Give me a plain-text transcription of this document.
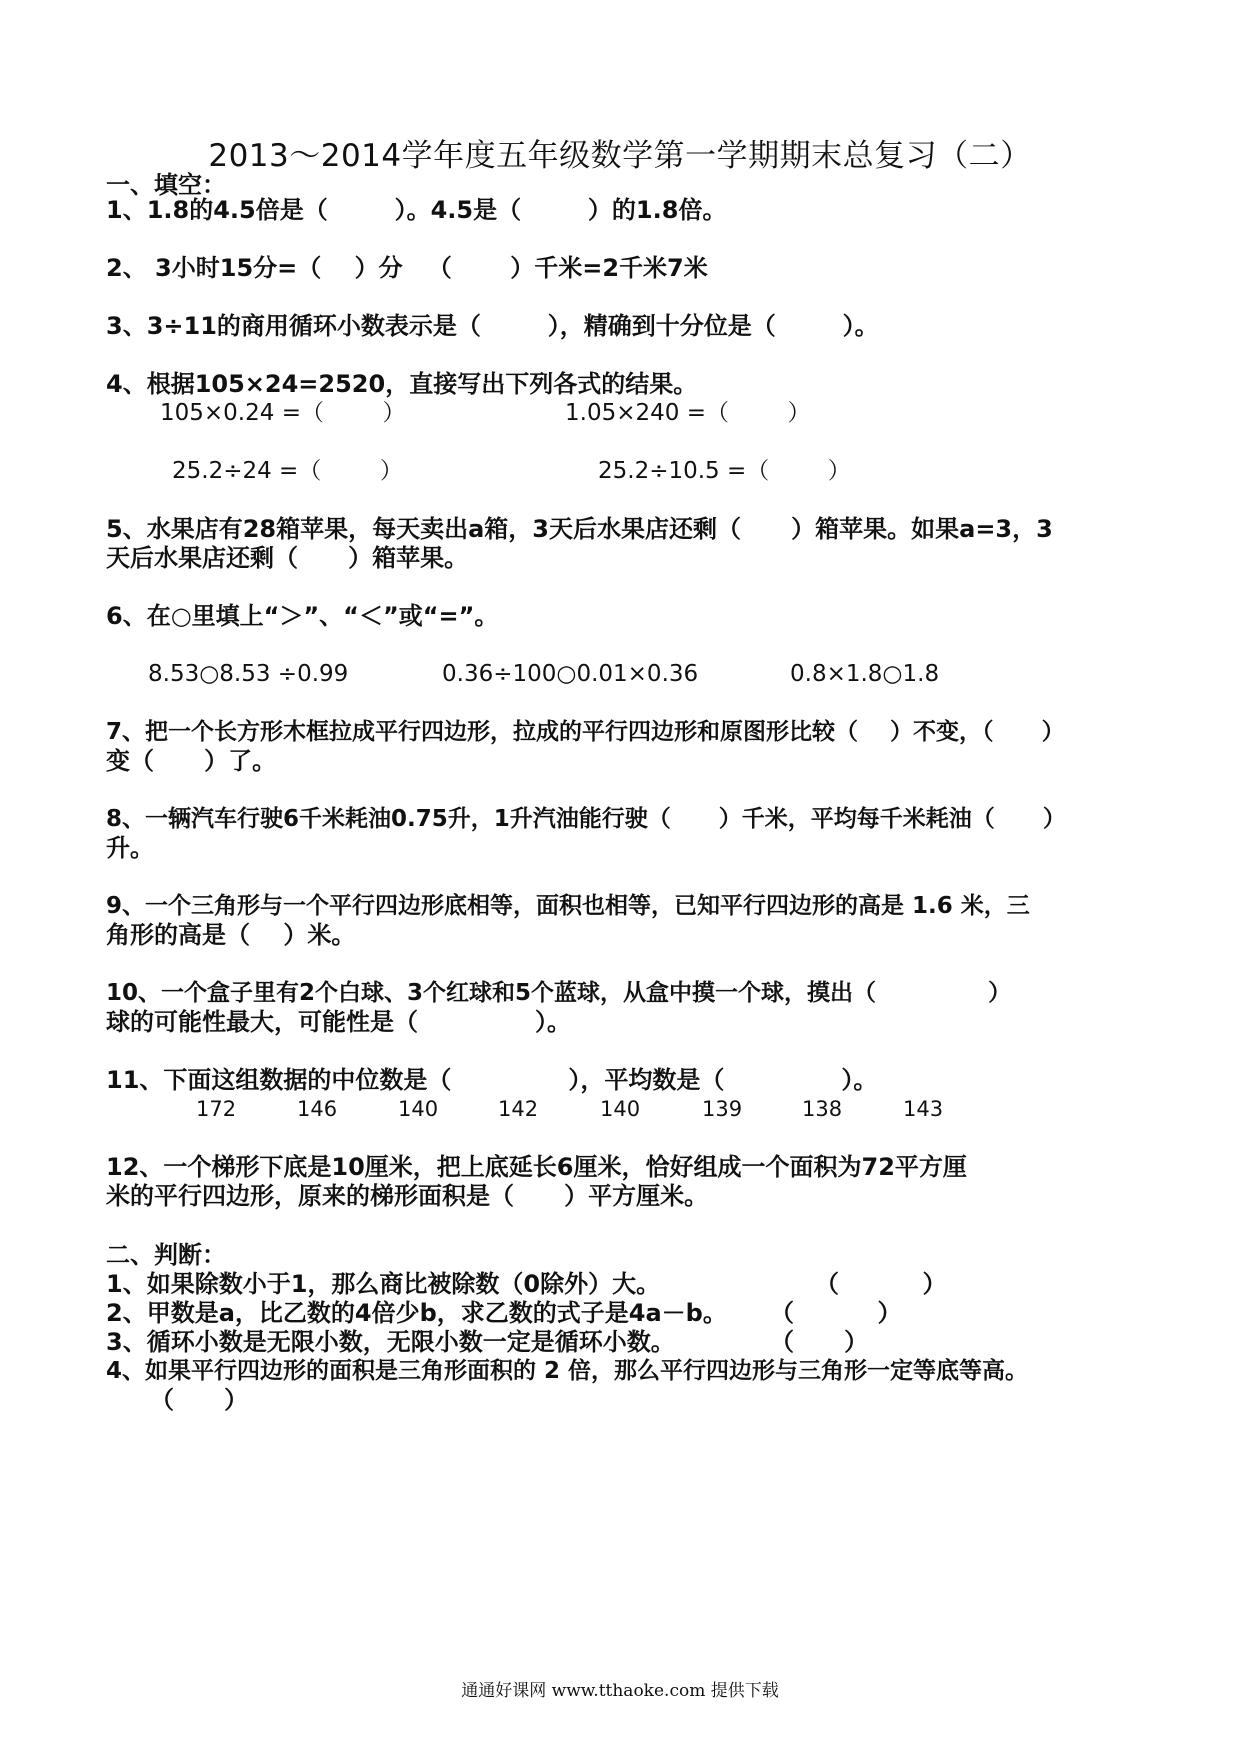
2013～2014学年度五年级数学第一学期期末总复习（二）
一、填空：
1、1.8的4.5倍是（        ）。4.5是（        ）的1.8倍。
2、 3小时15分=（    ）分   （       ）千米=2千米7米
3、3÷11的商用循环小数表示是（        ），精确到十分位是（        ）。
4、根据105×24=2520，直接写出下列各式的结果。
105×0.24 =（        ）	1.05×240 =（        ）
25.2÷24 =（        ）	25.2÷10.5 =（        ）
5、水果店有28箱苹果，每天卖出a箱，3天后水果店还剩（      ）箱苹果。如果a=3，3
天后水果店还剩（      ）箱苹果。
6、在○里填上“＞”、“＜”或“=”。
8.53○8.53 ÷0.99	0.36÷100○0.01×0.36	0.8×1.8○1.8
7、把一个长方形木框拉成平行四边形，拉成的平行四边形和原图形比较（    ）不变，（      ）
变（      ）了。
8、一辆汽车行驶6千米耗油0.75升，1升汽油能行驶（      ）千米，平均每千米耗油（      ）
升。
9、一个三角形与一个平行四边形底相等，面积也相等，已知平行四边形的高是 1.6 米，三
角形的高是（    ）米。
10、一个盒子里有2个白球、3个红球和5个蓝球，从盒中摸一个球，摸出（              ）
球的可能性最大，可能性是（              ）。
11、下面这组数据的中位数是（              ），平均数是（              ）。
172	146	140	142	140	139	138	143
12、一个梯形下底是10厘米，把上底延长6厘米，恰好组成一个面积为72平方厘
米的平行四边形，原来的梯形面积是（      ）平方厘米。
二、判断：
1、如果除数小于1，那么商比被除数（0除外）大。	（          ）
2、甲数是a，比乙数的4倍少b，求乙数的式子是4a－b。 （          ）
3、循环小数是无限小数，无限小数一定是循环小数。	（      ）
4、如果平行四边形的面积是三角形面积的 2 倍，那么平行四边形与三角形一定等底等高。
（      ）
通通好课网 www.tthaoke.com 提供下载
